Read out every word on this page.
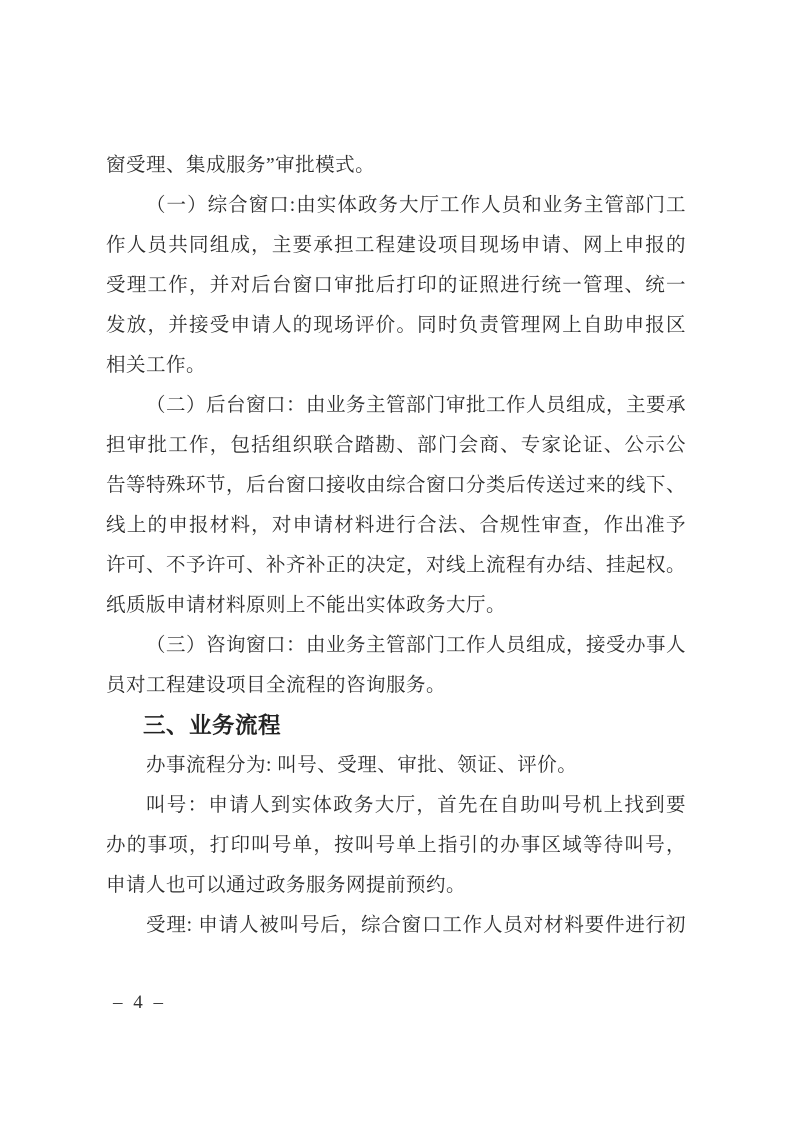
窗受理、集成服务”审批模式。
（一）综合窗口:由实体政务大厅工作人员和业务主管部门工
作人员共同组成，主要承担工程建设项目现场申请、网上申报的
受理工作，并对后台窗口审批后打印的证照进行统一管理、统一
发放，并接受申请人的现场评价。同时负责管理网上自助申报区
相关工作。
（二）后台窗口：由业务主管部门审批工作人员组成，主要承
担审批工作，包括组织联合踏勘、部门会商、专家论证、公示公
告等特殊环节，后台窗口接收由综合窗口分类后传送过来的线下、
线上的申报材料，对申请材料进行合法、合规性审查，作出准予
许可、不予许可、补齐补正的决定，对线上流程有办结、挂起权。
纸质版申请材料原则上不能出实体政务大厅。
（三）咨询窗口：由业务主管部门工作人员组成，接受办事人
员对工程建设项目全流程的咨询服务。
三、业务流程
办事流程分为: 叫号、受理、审批、领证、评价。
叫号：申请人到实体政务大厅，首先在自助叫号机上找到要
办的事项，打印叫号单，按叫号单上指引的办事区域等待叫号，
申请人也可以通过政务服务网提前预约。
受理: 申请人被叫号后，综合窗口工作人员对材料要件进行初
– 4 –
